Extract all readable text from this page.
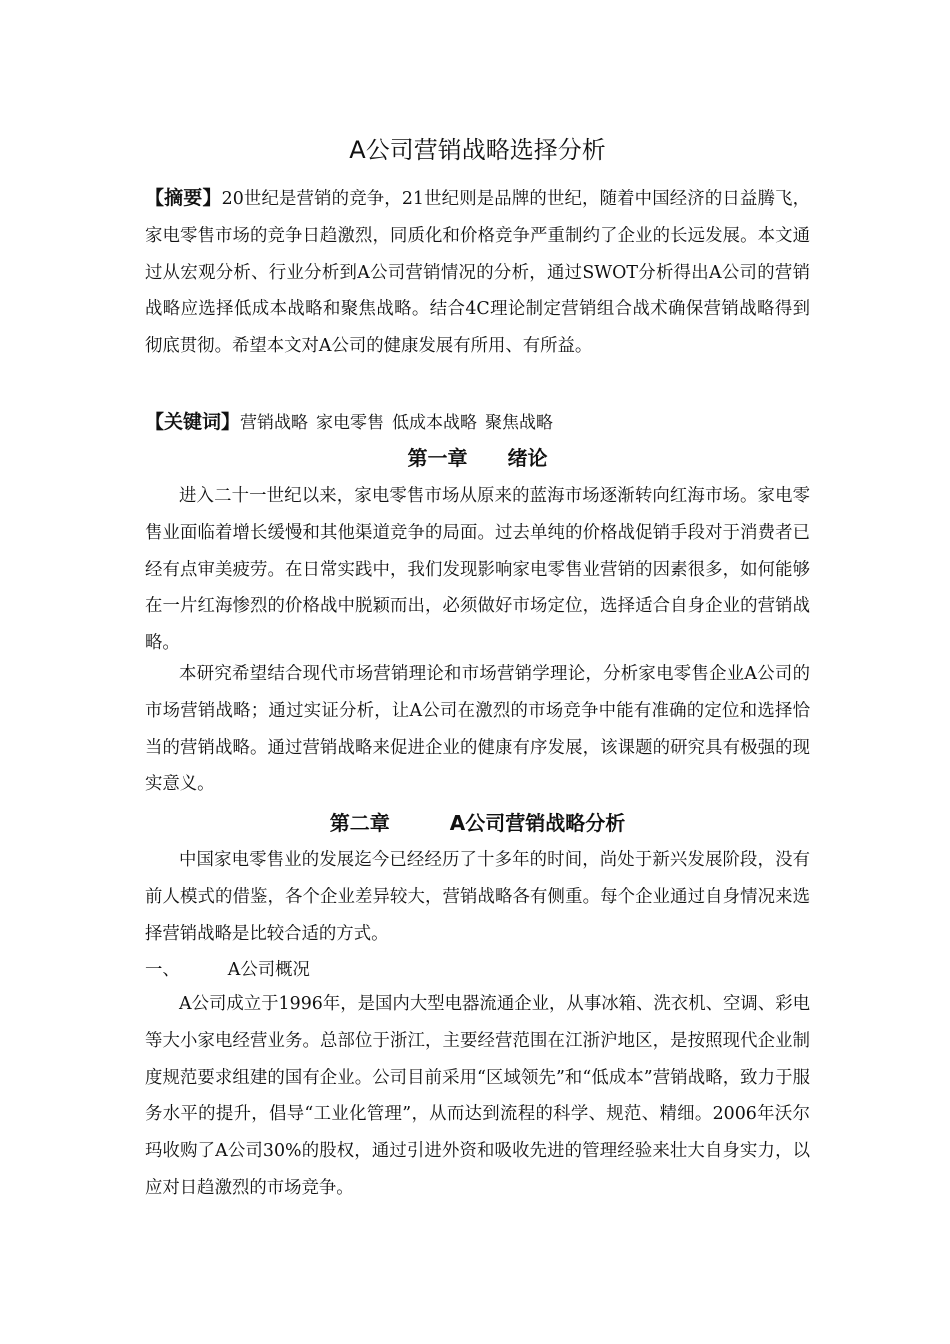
A公司营销战略选择分析

【摘要】20世纪是营销的竞争，21世纪则是品牌的世纪，随着中国经济的日益腾飞，家电零售市场的竞争日趋激烈，同质化和价格竞争严重制约了企业的长远发展。本文通过从宏观分析、行业分析到A公司营销情况的分析，通过SWOT分析得出A公司的营销战略应选择低成本战略和聚焦战略。结合4C理论制定营销组合战术确保营销战略得到彻底贯彻。希望本文对A公司的健康发展有所用、有所益。

【关键词】营销战略 家电零售 低成本战略 聚焦战略
第一章 绪论

进入二十一世纪以来，家电零售市场从原来的蓝海市场逐渐转向红海市场。家电零售业面临着增长缓慢和其他渠道竞争的局面。过去单纯的价格战促销手段对于消费者已经有点审美疲劳。在日常实践中，我们发现影响家电零售业营销的因素很多，如何能够在一片红海惨烈的价格战中脱颖而出，必须做好市场定位，选择适合自身企业的营销战略。

本研究希望结合现代市场营销理论和市场营销学理论，分析家电零售企业A公司的市场营销战略；通过实证分析，让A公司在激烈的市场竞争中能有准确的定位和选择恰当的营销战略。通过营销战略来促进企业的健康有序发展，该课题的研究具有极强的现实意义。

第二章	A公司营销战略分析

中国家电零售业的发展迄今已经经历了十多年的时间，尚处于新兴发展阶段，没有前人模式的借鉴，各个企业差异较大，营销战略各有侧重。每个企业通过自身情况来选择营销战略是比较合适的方式。

一、	A公司概况

A公司成立于1996年，是国内大型电器流通企业，从事冰箱、洗衣机、空调、彩电等大小家电经营业务。总部位于浙江，主要经营范围在江浙沪地区，是按照现代企业制度规范要求组建的国有企业。公司目前采用“区域领先”和“低成本”营销战略，致力于服务水平的提升，倡导“工业化管理”，从而达到流程的科学、规范、精细。2006年沃尔玛收购了A公司30%的股权，通过引进外资和吸收先进的管理经验来壮大自身实力，以应对日趋激烈的市场竞争。
